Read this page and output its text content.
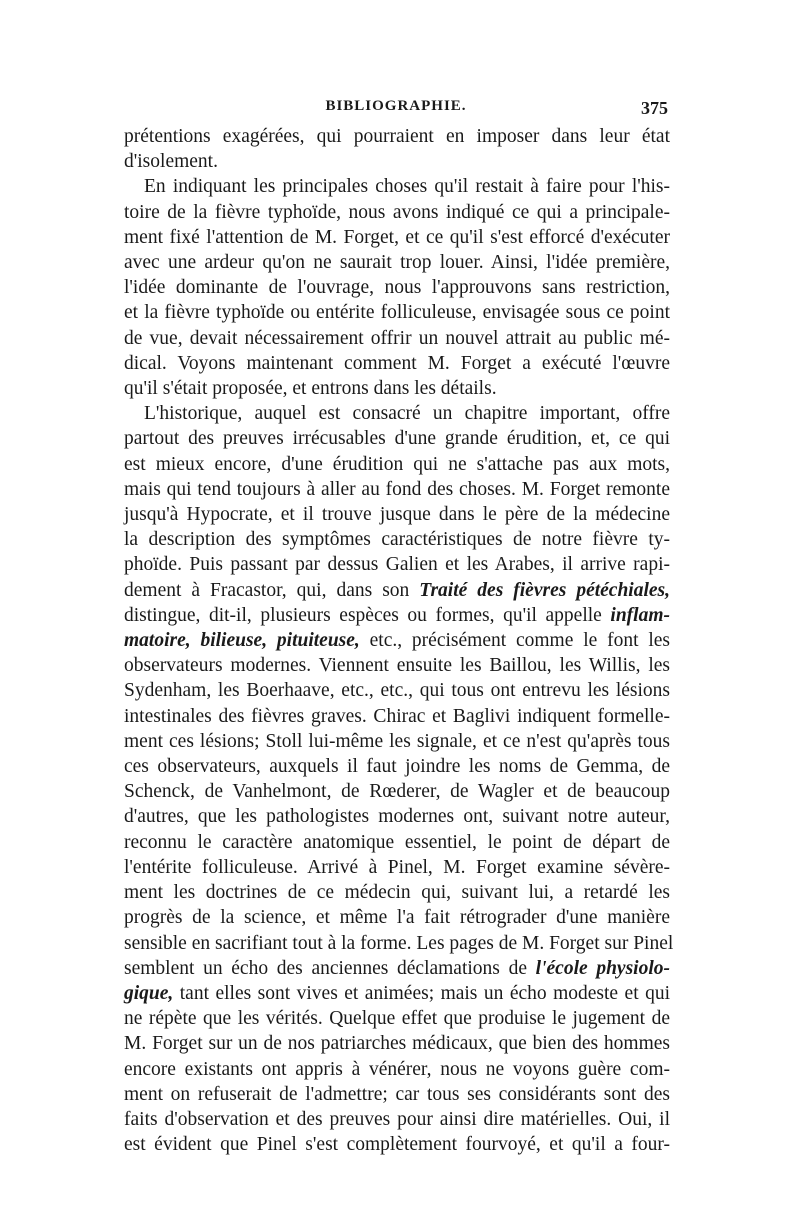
BIBLIOGRAPHIE.	375
prétentions exagérées, qui pourraient en imposer dans leur état
d'isolement.
En indiquant les principales choses qu'il restait à faire pour l'his-
toire de la fièvre typhoïde, nous avons indiqué ce qui a principale-
ment fixé l'attention de M. Forget, et ce qu'il s'est efforcé d'exécuter
avec une ardeur qu'on ne saurait trop louer. Ainsi, l'idée première,
l'idée dominante de l'ouvrage, nous l'approuvons sans restriction,
et la fièvre typhoïde ou entérite folliculeuse, envisagée sous ce point
de vue, devait nécessairement offrir un nouvel attrait au public mé-
dical. Voyons maintenant comment M. Forget a exécuté l'œuvre
qu'il s'était proposée, et entrons dans les détails.
L'historique, auquel est consacré un chapitre important, offre
partout des preuves irrécusables d'une grande érudition, et, ce qui
est mieux encore, d'une érudition qui ne s'attache pas aux mots,
mais qui tend toujours à aller au fond des choses. M. Forget remonte
jusqu'à Hypocrate, et il trouve jusque dans le père de la médecine
la description des symptômes caractéristiques de notre fièvre ty-
phoïde. Puis passant par dessus Galien et les Arabes, il arrive rapi-
dement à Fracastor, qui, dans son Traité des fièvres pétéchiales,
distingue, dit-il, plusieurs espèces ou formes, qu'il appelle inflam-
matoire, bilieuse, pituiteuse, etc., précisément comme le font les
observateurs modernes. Viennent ensuite les Baillou, les Willis, les
Sydenham, les Boerhaave, etc., etc., qui tous ont entrevu les lésions
intestinales des fièvres graves. Chirac et Baglivi indiquent formelle-
ment ces lésions; Stoll lui-même les signale, et ce n'est qu'après tous
ces observateurs, auxquels il faut joindre les noms de Gemma, de
Schenck, de Vanhelmont, de Rœderer, de Wagler et de beaucoup
d'autres, que les pathologistes modernes ont, suivant notre auteur,
reconnu le caractère anatomique essentiel, le point de départ de
l'entérite folliculeuse. Arrivé à Pinel, M. Forget examine sévère-
ment les doctrines de ce médecin qui, suivant lui, a retardé les
progrès de la science, et même l'a fait rétrograder d'une manière
sensible en sacrifiant tout à la forme. Les pages de M. Forget sur Pinel
semblent un écho des anciennes déclamations de l'école physiolo-
gique, tant elles sont vives et animées; mais un écho modeste et qui
ne répète que les vérités. Quelque effet que produise le jugement de
M. Forget sur un de nos patriarches médicaux, que bien des hommes
encore existants ont appris à vénérer, nous ne voyons guère com-
ment on refuserait de l'admettre; car tous ses considérants sont des
faits d'observation et des preuves pour ainsi dire matérielles. Oui, il
est évident que Pinel s'est complètement fourvoyé, et qu'il a four-
